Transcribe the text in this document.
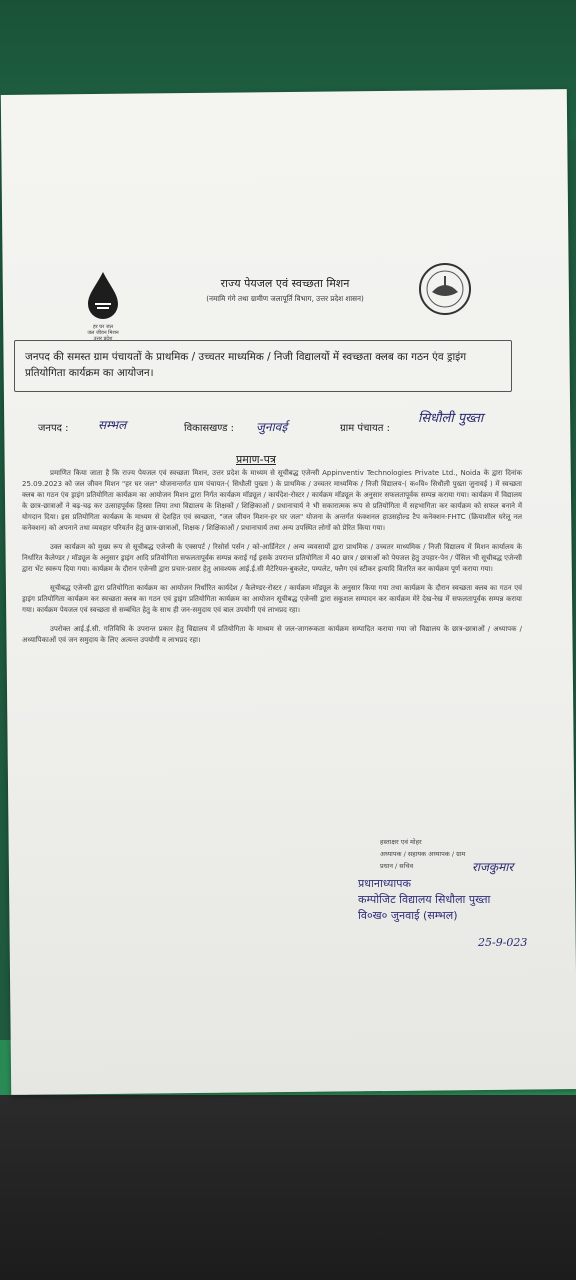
हर घर जल
जल जीवन मिशन
उत्तर प्रदेश
राज्य पेयजल एवं स्वच्छता मिशन
(नमामि गंगे तथा ग्रामीण जलापूर्ति विभाग, उत्तर प्रदेश शासन)
जनपद की समस्त ग्राम पंचायतों के प्राथमिक / उच्चतर माध्यमिक / निजी विद्यालयों में स्वच्छता क्लब का गठन एंव ड्राइंग प्रतियोगिता कार्यक्रम का आयोजन।
जनपद : सम्भल	विकासखण्ड : जुनावई	ग्राम पंचायत :
सिधौली पुख्ता
प्रमाण-पत्र

प्रमाणित किया जाता है कि राज्य पेयजल एवं स्वच्छता मिशन, उत्तर प्रदेश के माध्यम से सूचीबद्ध एजेन्सी Appinventiv Technologies Private Ltd., Noida के द्वारा दिनांक 25.09.2023 को जल जीवन मिशन "हर घर जल" योजनान्तर्गत ग्राम पंचायत-( सिधौली पुख्ता ) के प्राथमिक / उच्चतर माध्यमिक / निजी विद्यालय-( क०वि० सिधौली पुख्ता जुनावई ) में स्वच्छता क्लब का गठन एंव ड्राइंग प्रतियोगिता कार्यक्रम का आयोजन मिशन द्वारा निर्गत कार्यक्रम मॉड्यूल / कार्यदेश-रोस्टर / कार्यक्रम मॉड्यूल के अनुसार सफलतापूर्वक सम्पन्न कराया गया। कार्यक्रम में विद्यालय के छात्र-छात्राओं ने बढ़-चढ़ कर उत्साहपूर्वक हिस्सा लिया तथा विद्यालय के शिक्षकों / शिक्षिकाओं / प्रधानाचार्य ने भी सकारात्मक रूप से प्रतियोगिता में सहभागिता कर कार्यक्रम को सफल बनाने में योगदान दिया। इस प्रतियोगिता कार्यक्रम के माध्यम से देशहित एवं स्वच्छता, "जल जीवन मिशन-हर घर जल" योजना के अन्तर्गत फंक्शनल हाउसहोल्ड टैप कनेक्शन-FHTC (क्रियाशील घरेलू नल कनेक्शन) को अपनाने तथा व्यवहार परिवर्तन हेतु छात्र-छात्राओं, शिक्षक / शिक्षिकाओं / प्रधानाचार्य तथा अन्य उपस्थित लोगों को प्रेरित किया गया।

उक्त कार्यक्रम को मुख्य रूप से सूचीबद्ध एजेन्सी के एक्सपर्ट / रिसोर्स पर्सन / को-आर्डिनेटर / अन्य व्यवसायों द्वारा प्राथमिक / उच्चतर माध्यमिक / निजी विद्यालय में मिशन कार्यालय के निर्धारित कैलेण्डर / मॉड्यूल के अनुसार ड्राइंग आदि प्रतियोगिता सफलतापूर्वक सम्पन्न कराई गई इसके उपरान्त प्रतियोगिता में 40 छात्र / छात्राओं को पेयजल हेतु उपहार-पेन / पेंसिल भी सूचीबद्ध एजेन्सी द्वारा भेंट स्वरूप दिया गया। कार्यक्रम के दौरान एजेन्सी द्वारा प्रचार-प्रसार हेतु आवश्यक आई.ई.सी मैटेरियल-बुकलेट, पम्पलेट, फ्लैग एवं स्टीकर इत्यादि वितरित कर कार्यक्रम पूर्ण कराया गया।

सूचीबद्ध एजेन्सी द्वारा प्रतियोगिता कार्यक्रम का आयोजन निर्धारित कार्यदेश / कैलेण्डर-रोस्टर / कार्यक्रम मॉड्यूल के अनुसार किया गया तथा कार्यक्रम के दौरान स्वच्छता क्लब का गठन एवं ड्राइंग प्रतियोगिता कार्यक्रम कर स्वच्छता क्लब का गठन एवं ड्राइंग प्रतियोगिता कार्यक्रम का आयोजन सूचीबद्ध एजेन्सी द्वारा सकुशल सम्पादन कर कार्यक्रम मेरे देख-रेख में सफलतापूर्वक सम्पन्न कराया गया। कार्यक्रम पेयजल एवं स्वच्छता से सम्बंधित हेतु के साथ ही जन-समुदाय एवं बाल उपयोगी एवं लाभप्रद रहा।

उपरोक्त आई.ई.सी. गतिविधि के उपरान्त प्रकार हेतु विद्यालय में प्रतियोगिता के माध्यम से जल-जागरूकता कार्यक्रम सम्पादित कराया गया जो विद्यालय के छात्र-छात्राओं / अध्यापक / अध्यापिकाओं एवं जन समुदाय के लिए अत्यन्त उपयोगी व लाभप्रद रहा।

हस्ताक्षर एवं मोहर
अध्यापक / सहायक अध्यापक / ग्राम
प्रधान / सचिव	राजकुमार
प्रधानाध्यापक
कम्पोजिट विद्यालय सिधौला पुख्ता
वि०ख० जुनवाई (सम्भल)
25-9-023
